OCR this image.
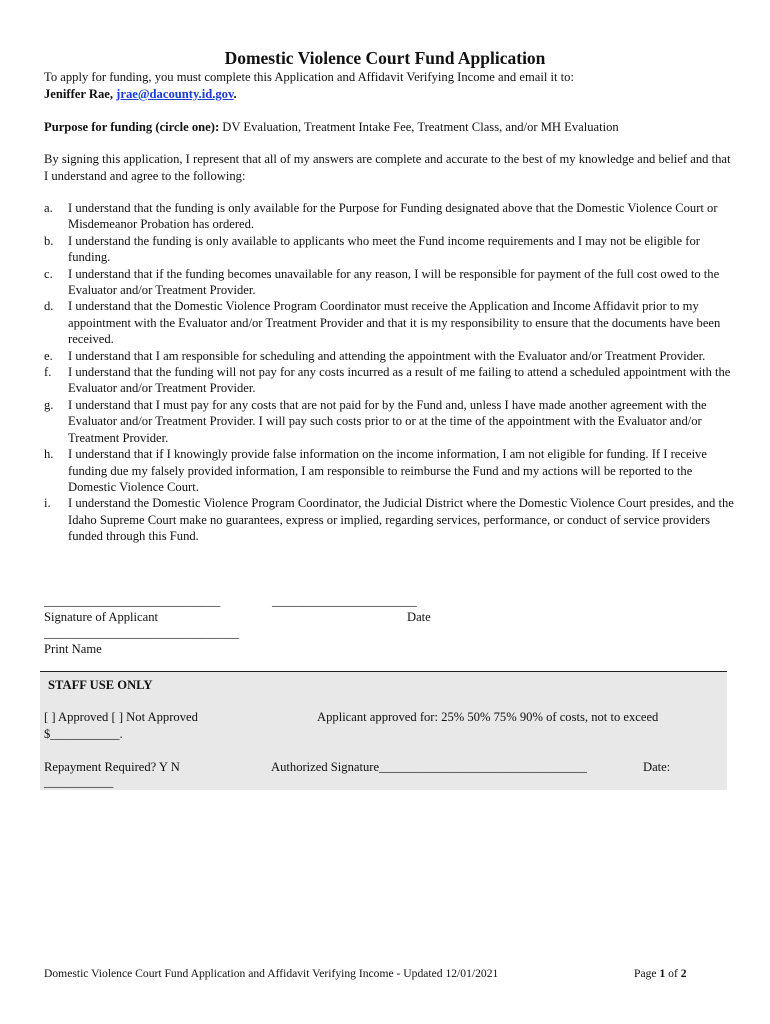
Domestic Violence Court Fund Application
To apply for funding, you must complete this Application and Affidavit Verifying Income and email it to:
Jeniffer Rae, jrae@dacounty.id.gov.
Purpose for funding (circle one): DV Evaluation, Treatment Intake Fee, Treatment Class, and/or MH Evaluation
By signing this application, I represent that all of my answers are complete and accurate to the best of my knowledge and belief and that I understand and agree to the following:
a. I understand that the funding is only available for the Purpose for Funding designated above that the Domestic Violence Court or Misdemeanor Probation has ordered.
b. I understand the funding is only available to applicants who meet the Fund income requirements and I may not be eligible for funding.
c. I understand that if the funding becomes unavailable for any reason, I will be responsible for payment of the full cost owed to the Evaluator and/or Treatment Provider.
d. I understand that the Domestic Violence Program Coordinator must receive the Application and Income Affidavit prior to my appointment with the Evaluator and/or Treatment Provider and that it is my responsibility to ensure that the documents have been received.
e. I understand that I am responsible for scheduling and attending the appointment with the Evaluator and/or Treatment Provider.
f. I understand that the funding will not pay for any costs incurred as a result of me failing to attend a scheduled appointment with the Evaluator and/or Treatment Provider.
g. I understand that I must pay for any costs that are not paid for by the Fund and, unless I have made another agreement with the Evaluator and/or Treatment Provider. I will pay such costs prior to or at the time of the appointment with the Evaluator and/or Treatment Provider.
h. I understand that if I knowingly provide false information on the income information, I am not eligible for funding. If I receive funding due my falsely provided information, I am responsible to reimburse the Fund and my actions will be reported to the Domestic Violence Court.
i. I understand the Domestic Violence Program Coordinator, the Judicial District where the Domestic Violence Court presides, and the Idaho Supreme Court make no guarantees, express or implied, regarding services, performance, or conduct of service providers funded through this Fund.
____________________________	_______________________
Signature of Applicant	Date
_______________________________
Print Name
STAFF USE ONLY
[ ] Approved [ ] Not Approved	Applicant approved for: 25% 50% 75% 90% of costs, not to exceed
$___________.
Repayment Required? Y N	Authorized Signature_________________________________	Date:
___________
Domestic Violence Court Fund Application and Affidavit Verifying Income - Updated 12/01/2021	Page 1 of 2
